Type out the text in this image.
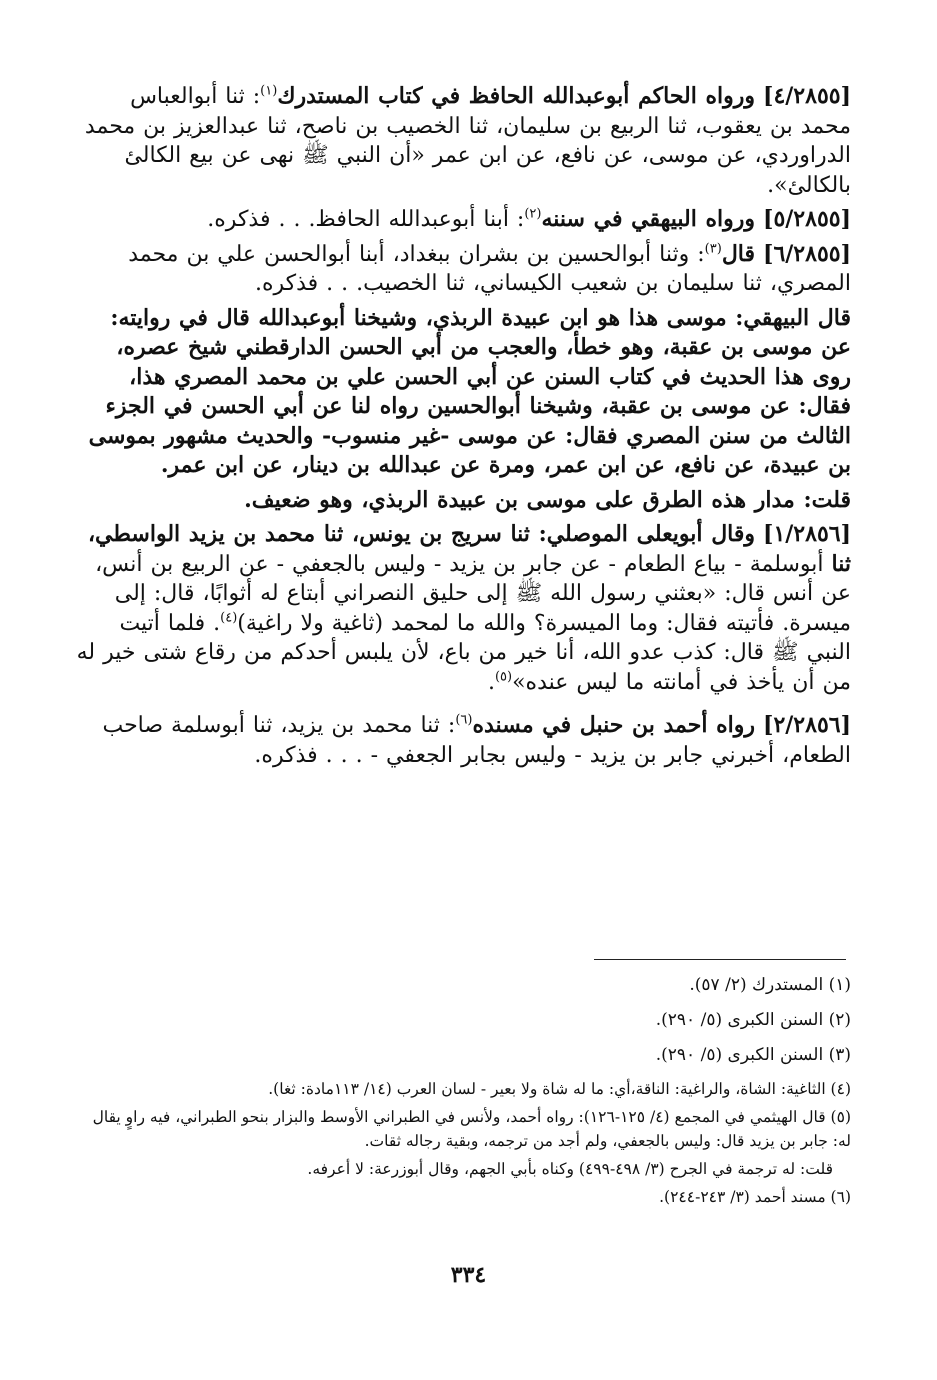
[٤/٢٨٥٥] ورواه الحاكم أبوعبدالله الحافظ في كتاب المستدرك$^{(١)}$: ثنا أبوالعباس محمد بن يعقوب، ثنا الربيع بن سليمان، ثنا الخصيب بن ناصح، ثنا عبدالعزيز بن محمد الدراوردي، عن موسى، عن نافع، عن ابن عمر «أن النبي ﷺ نهى عن بيع الكالئ بالكالئ».

[٥/٢٨٥٥] ورواه البيهقي في سننه$^{(٢)}$: أبنا أبوعبدالله الحافظ. . . فذكره.

[٦/٢٨٥٥] قال$^{(٣)}$: وثنا أبوالحسين بن بشران ببغداد، أبنا أبوالحسن علي بن محمد المصري، ثنا سليمان بن شعيب الكيساني، ثنا الخصيب. . . فذكره.

قال البيهقي: موسى هذا هو ابن عبيدة الربذي، وشيخنا أبوعبدالله قال في روايته: عن موسى بن عقبة، وهو خطأ، والعجب من أبي الحسن الدارقطني شيخ عصره، روى هذا الحديث في كتاب السنن عن أبي الحسن علي بن محمد المصري هذا، فقال: عن موسى بن عقبة، وشيخنا أبوالحسين رواه لنا عن أبي الحسن في الجزء الثالث من سنن المصري فقال: عن موسى -غير منسوب- والحديث مشهور بموسى بن عبيدة، عن نافع، عن ابن عمر، ومرة عن عبدالله بن دينار، عن ابن عمر.

قلت: مدار هذه الطرق على موسى بن عبيدة الربذي، وهو ضعيف.

[١/٢٨٥٦] وقال أبويعلى الموصلي: ثنا سريج بن يونس، ثنا محمد بن يزيد الواسطي، ثنا أبوسلمة - بياع الطعام - عن جابر بن يزيد - وليس بالجعفي - عن الربيع بن أنس، عن أنس قال: «بعثني رسول الله ﷺ إلى حليق النصراني أبتاع له أثوابًا، قال: إلى ميسرة. فأتيته فقال: وما الميسرة؟ والله ما لمحمد (ثاغية ولا راغية)$^{(٤)}$. فلما أتيت النبي ﷺ قال: كذب عدو الله، أنا خير من باع، لأن يلبس أحدكم من رقاع شتى خير له من أن يأخذ في أمانته ما ليس عنده»$^{(٥)}$.

[٢/٢٨٥٦] رواه أحمد بن حنبل في مسنده$^{(٦)}$: ثنا محمد بن يزيد، ثنا أبوسلمة صاحب الطعام، أخبرني جابر بن يزيد - وليس بجابر الجعفي - . . . فذكره.

(١) المستدرك (٢/ ٥٧).

(٢) السنن الكبرى (٥/ ٢٩٠).

(٣) السنن الكبرى (٥/ ٢٩٠).

(٤) الثاغية: الشاة، والراغية: الناقة،أي: ما له شاة ولا بعير - لسان العرب (١٤/ ١١٣مادة: ثغا).

(٥) قال الهيثمي في المجمع (٤/ ١٢٥-١٢٦): رواه أحمد، ولأنس في الطبراني الأوسط والبزار بنحو الطبراني، فيه راوٍ يقال له: جابر بن يزيد قال: وليس بالجعفي، ولم أجد من ترجمه، وبقية رجاله ثقات.

قلت: له ترجمة في الجرح (٣/ ٤٩٨-٤٩٩) وكناه بأبي الجهم، وقال أبوزرعة: لا أعرفه.

(٦) مسند أحمد (٣/ ٢٤٣-٢٤٤).

٣٣٤
